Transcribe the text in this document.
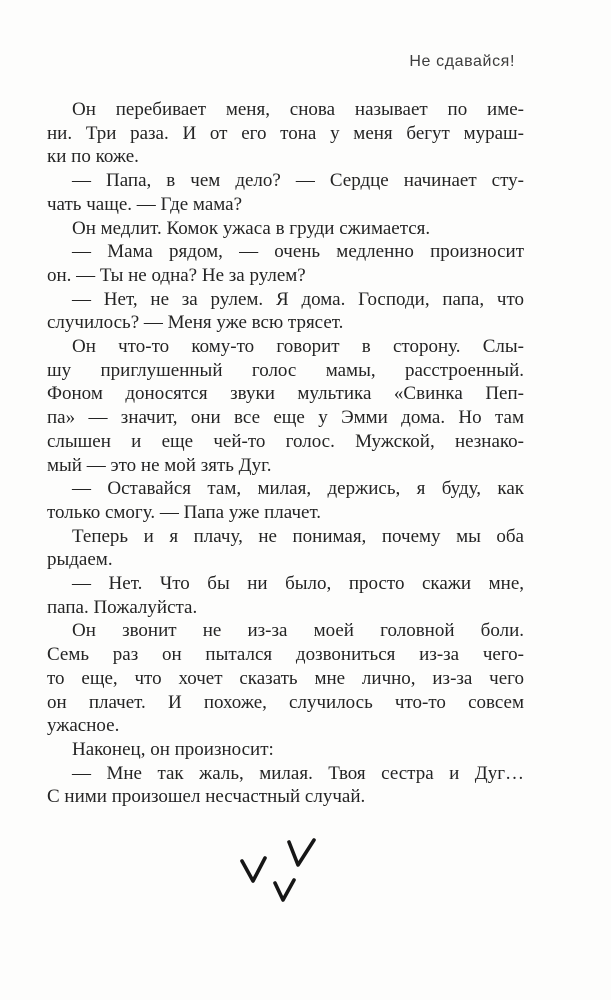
Не сдавайся!
Он перебивает меня, снова называет по име-
ни. Три раза. И от его тона у меня бегут мураш-
ки по коже.
— Папа, в чем дело? — Сердце начинает сту-
чать чаще. — Где мама?
Он медлит. Комок ужаса в груди сжимается.
— Мама рядом, — очень медленно произносит
он. — Ты не одна? Не за рулем?
— Нет, не за рулем. Я дома. Господи, папа, что
случилось? — Меня уже всю трясет.
Он что-то кому-то говорит в сторону. Слы-
шу приглушенный голос мамы, расстроенный.
Фоном доносятся звуки мультика «Свинка Пеп-
па» — значит, они все еще у Эмми дома. Но там
слышен и еще чей-то голос. Мужской, незнако-
мый — это не мой зять Дуг.
— Оставайся там, милая, держись, я буду, как
только смогу. — Папа уже плачет.
Теперь и я плачу, не понимая, почему мы оба
рыдаем.
— Нет. Что бы ни было, просто скажи мне,
папа. Пожалуйста.
Он звонит не из-за моей головной боли.
Семь раз он пытался дозвониться из-за чего-
то еще, что хочет сказать мне лично, из-за чего
он плачет. И похоже, случилось что-то совсем
ужасное.
Наконец, он произносит:
— Мне так жаль, милая. Твоя сестра и Дуг…
С ними произошел несчастный случай.
